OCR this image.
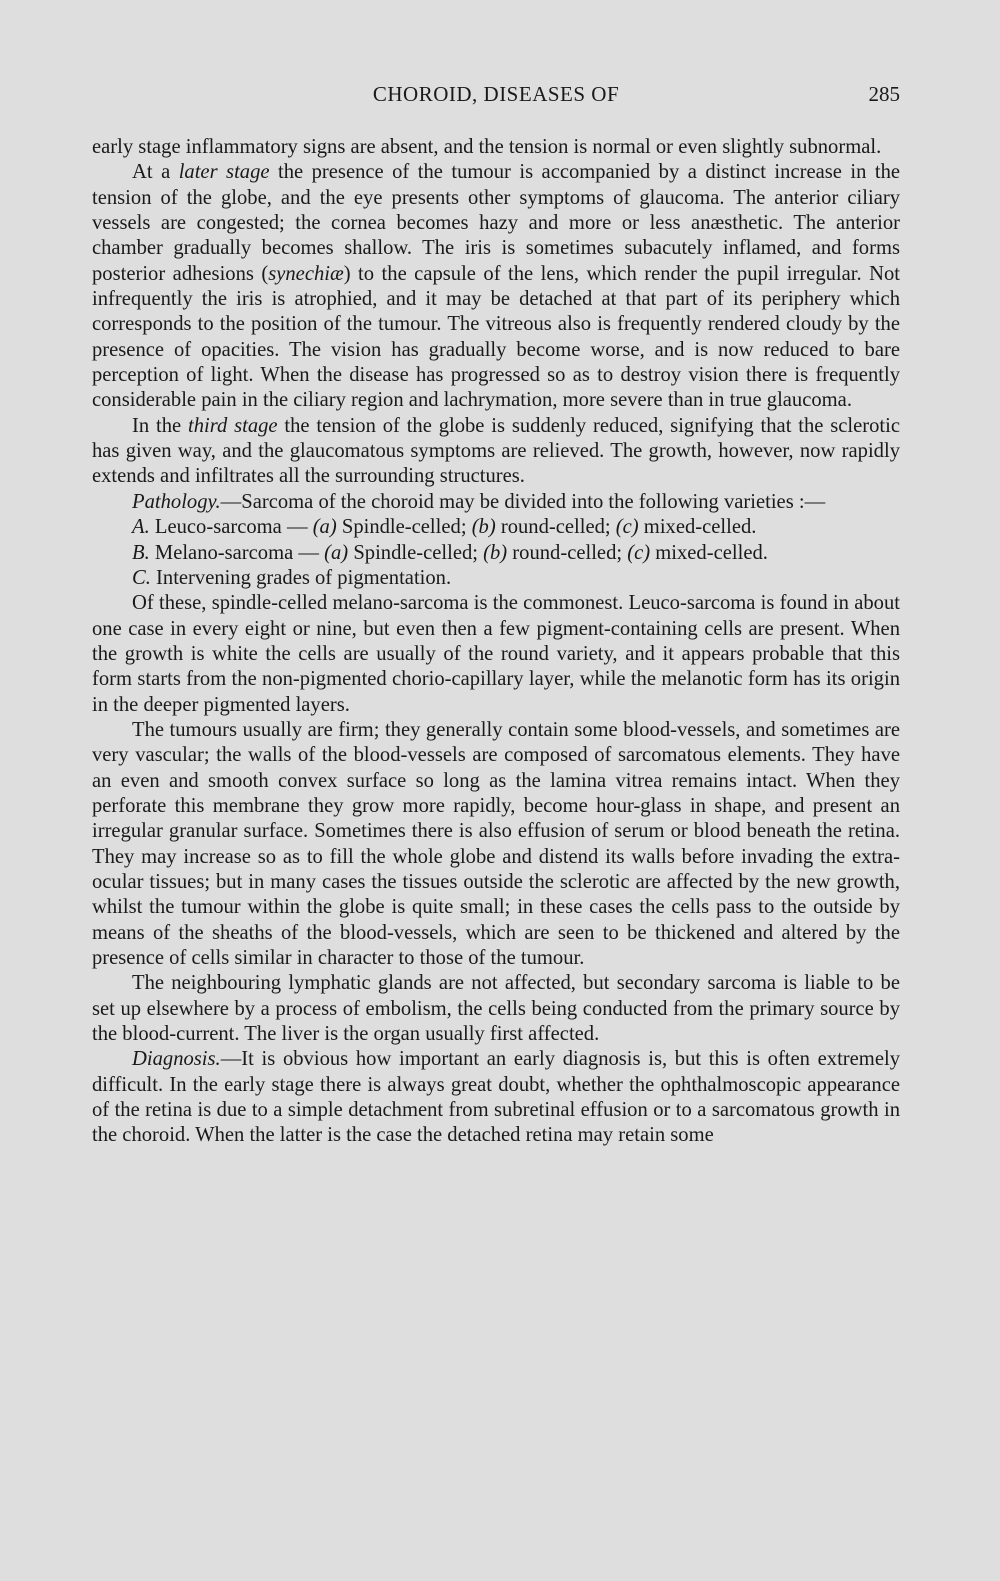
CHOROID, DISEASES OF	285

early stage inflammatory signs are absent, and the tension is normal or even slightly subnormal.

At a later stage the presence of the tumour is accompanied by a distinct increase in the tension of the globe, and the eye presents other symptoms of glaucoma. The anterior ciliary vessels are congested; the cornea becomes hazy and more or less anæsthetic. The anterior chamber gradually becomes shallow. The iris is sometimes subacutely inflamed, and forms posterior adhesions (synechiæ) to the capsule of the lens, which render the pupil irregular. Not infrequently the iris is atrophied, and it may be detached at that part of its periphery which corresponds to the position of the tumour. The vitreous also is frequently rendered cloudy by the presence of opacities. The vision has gradually become worse, and is now reduced to bare perception of light. When the disease has progressed so as to destroy vision there is frequently considerable pain in the ciliary region and lachrymation, more severe than in true glaucoma.

In the third stage the tension of the globe is suddenly reduced, signifying that the sclerotic has given way, and the glaucomatous symptoms are relieved. The growth, however, now rapidly extends and infiltrates all the surrounding structures.

Pathology.—Sarcoma of the choroid may be divided into the following varieties :—

A. Leuco-sarcoma — (a) Spindle-celled; (b) round-celled; (c) mixed-celled.

B. Melano-sarcoma — (a) Spindle-celled; (b) round-celled; (c) mixed-celled.

C. Intervening grades of pigmentation.

Of these, spindle-celled melano-sarcoma is the commonest. Leuco-sarcoma is found in about one case in every eight or nine, but even then a few pigment-containing cells are present. When the growth is white the cells are usually of the round variety, and it appears probable that this form starts from the non-pigmented chorio-capillary layer, while the melanotic form has its origin in the deeper pigmented layers.

The tumours usually are firm; they generally contain some blood-vessels, and sometimes are very vascular; the walls of the blood-vessels are composed of sarcomatous elements. They have an even and smooth convex surface so long as the lamina vitrea remains intact. When they perforate this membrane they grow more rapidly, become hour-glass in shape, and present an irregular granular surface. Sometimes there is also effusion of serum or blood beneath the retina. They may increase so as to fill the whole globe and distend its walls before invading the extra-ocular tissues; but in many cases the tissues outside the sclerotic are affected by the new growth, whilst the tumour within the globe is quite small; in these cases the cells pass to the outside by means of the sheaths of the blood-vessels, which are seen to be thickened and altered by the presence of cells similar in character to those of the tumour.

The neighbouring lymphatic glands are not affected, but secondary sarcoma is liable to be set up elsewhere by a process of embolism, the cells being conducted from the primary source by the blood-current. The liver is the organ usually first affected.

Diagnosis.—It is obvious how important an early diagnosis is, but this is often extremely difficult. In the early stage there is always great doubt, whether the ophthalmoscopic appearance of the retina is due to a simple detachment from subretinal effusion or to a sarcomatous growth in the choroid. When the latter is the case the detached retina may retain some
